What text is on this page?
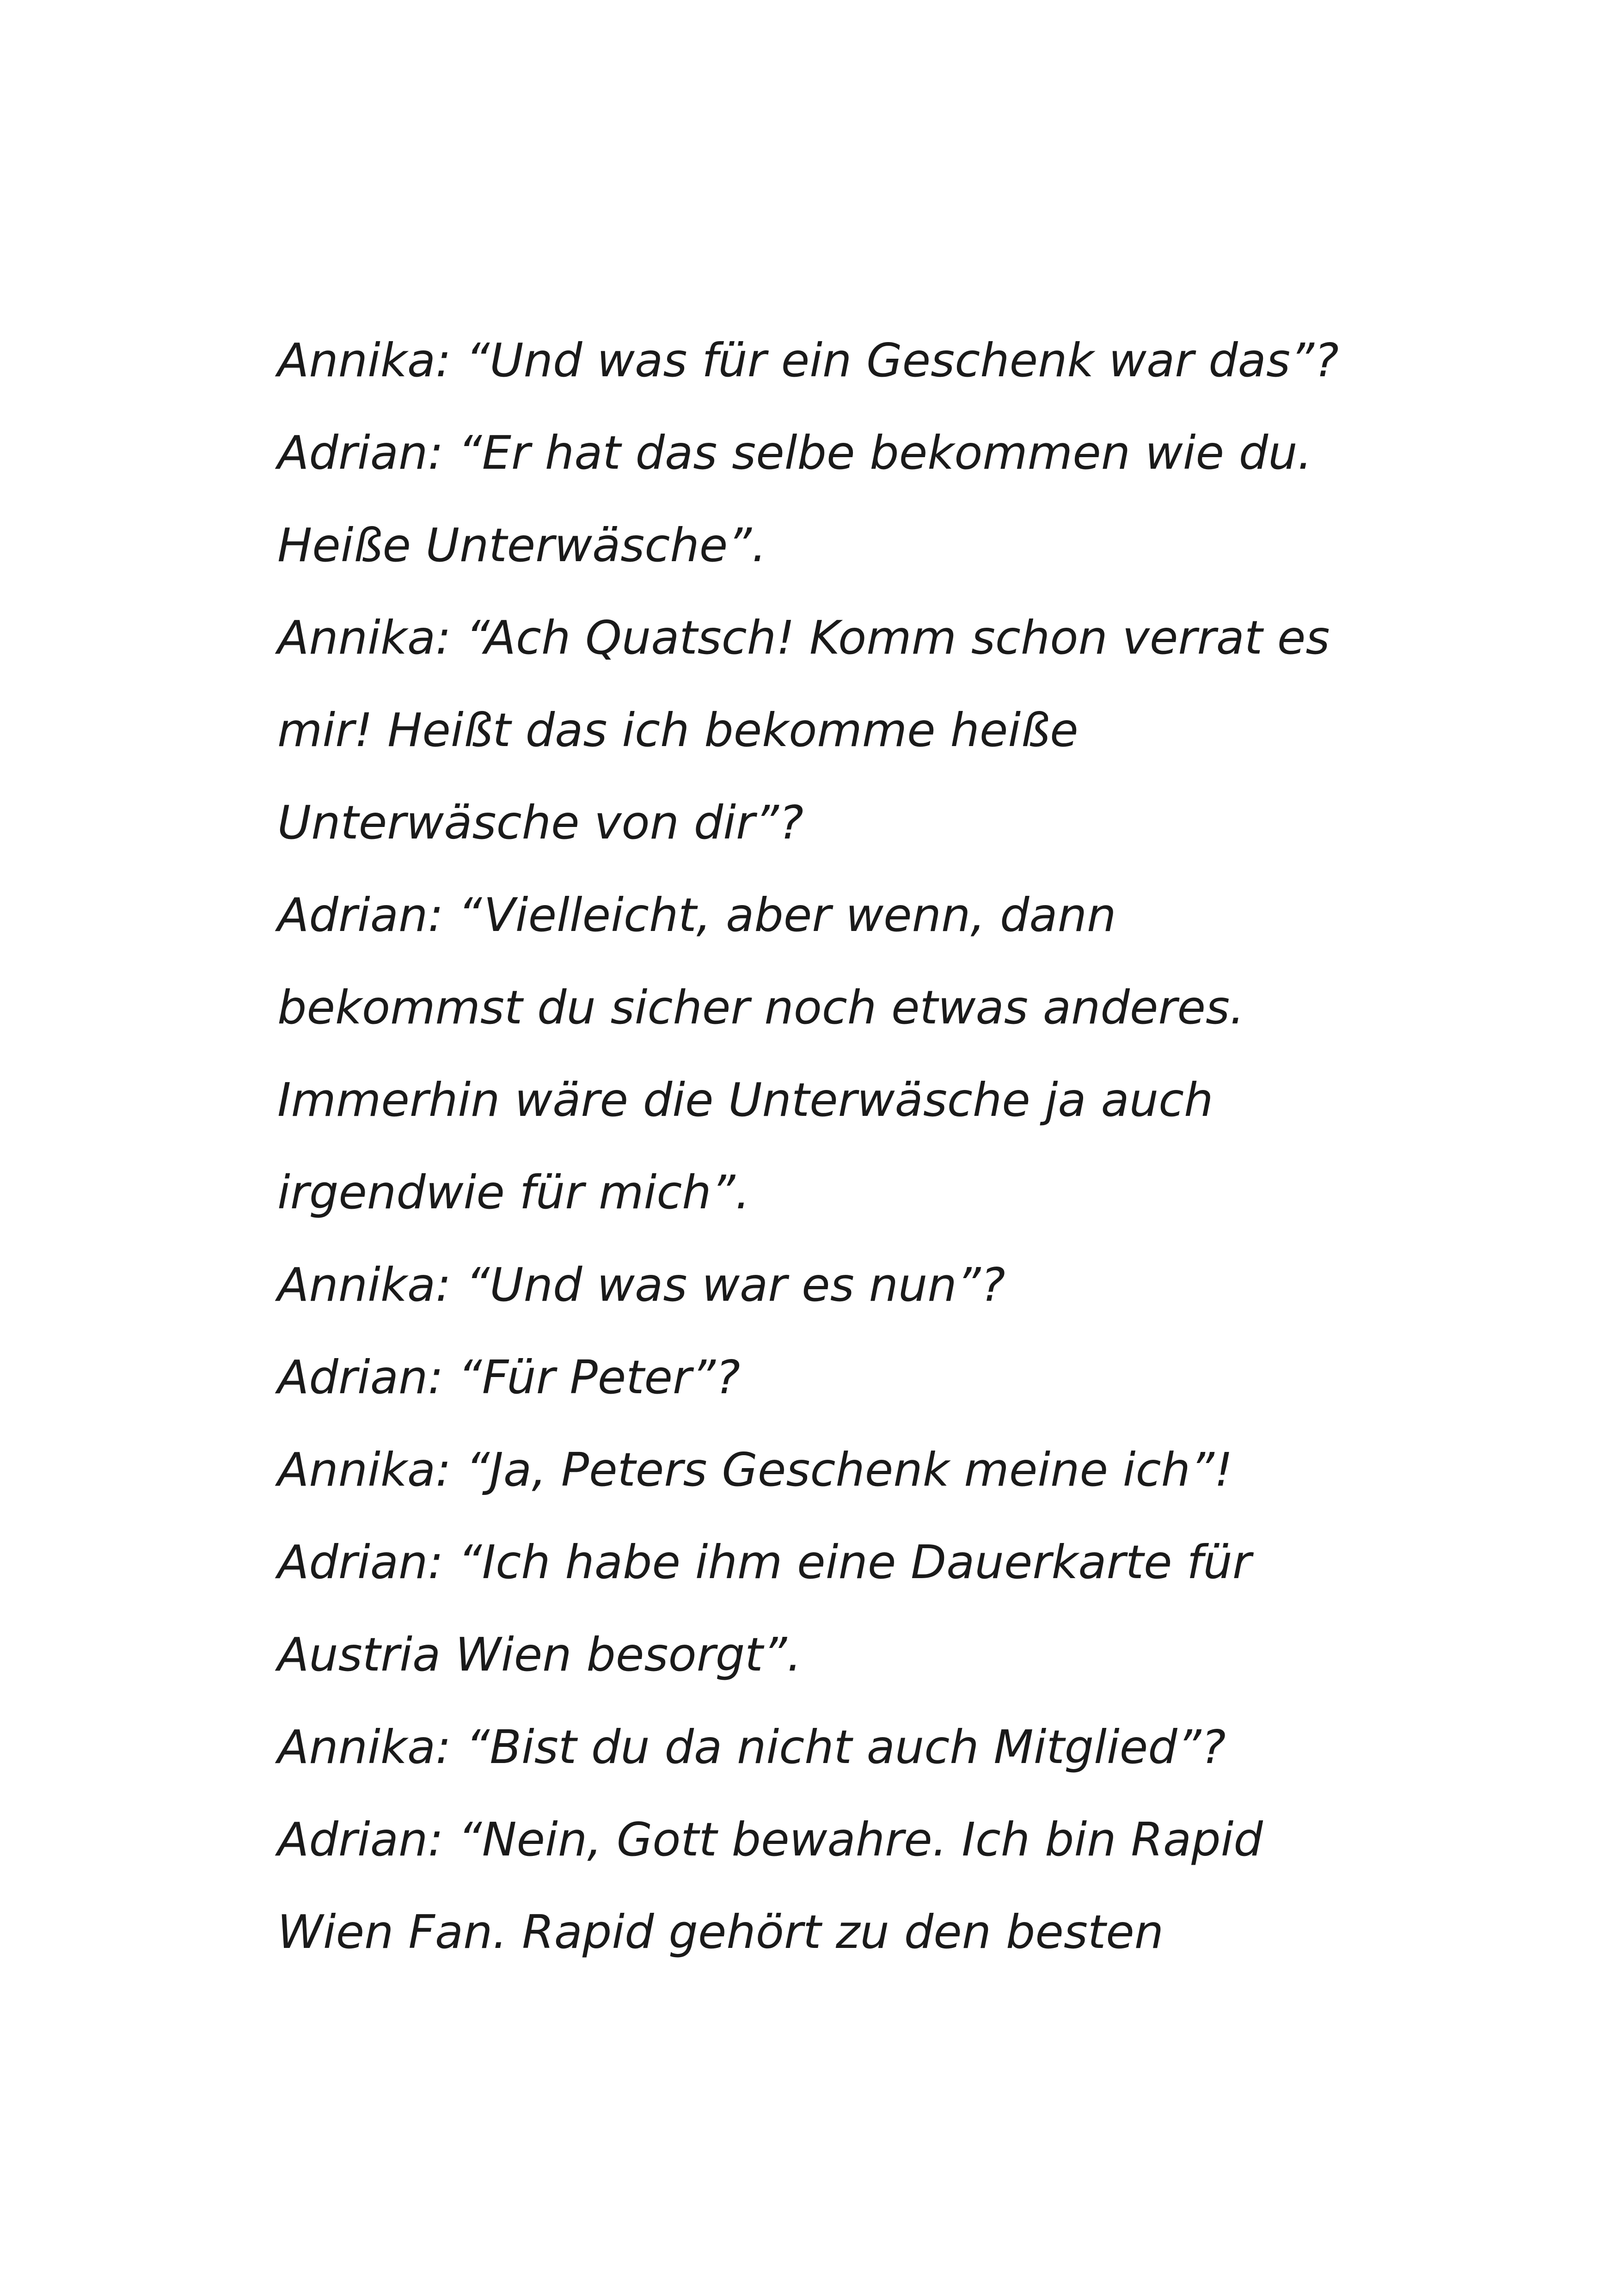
Annika: “Und was für ein Geschenk war das”?
Adrian: “Er hat das selbe bekommen wie du.
Heiße Unterwäsche”.
Annika: “Ach Quatsch! Komm schon verrat es
mir! Heißt das ich bekomme heiße
Unterwäsche von dir”?
Adrian: “Vielleicht, aber wenn, dann
bekommst du sicher noch etwas anderes.
Immerhin wäre die Unterwäsche ja auch
irgendwie für mich”.
Annika: “Und was war es nun”?
Adrian: “Für Peter”?
Annika: “Ja, Peters Geschenk meine ich”!
Adrian: “Ich habe ihm eine Dauerkarte für
Austria Wien besorgt”.
Annika: “Bist du da nicht auch Mitglied”?
Adrian: “Nein, Gott bewahre. Ich bin Rapid
Wien Fan. Rapid gehört zu den besten
